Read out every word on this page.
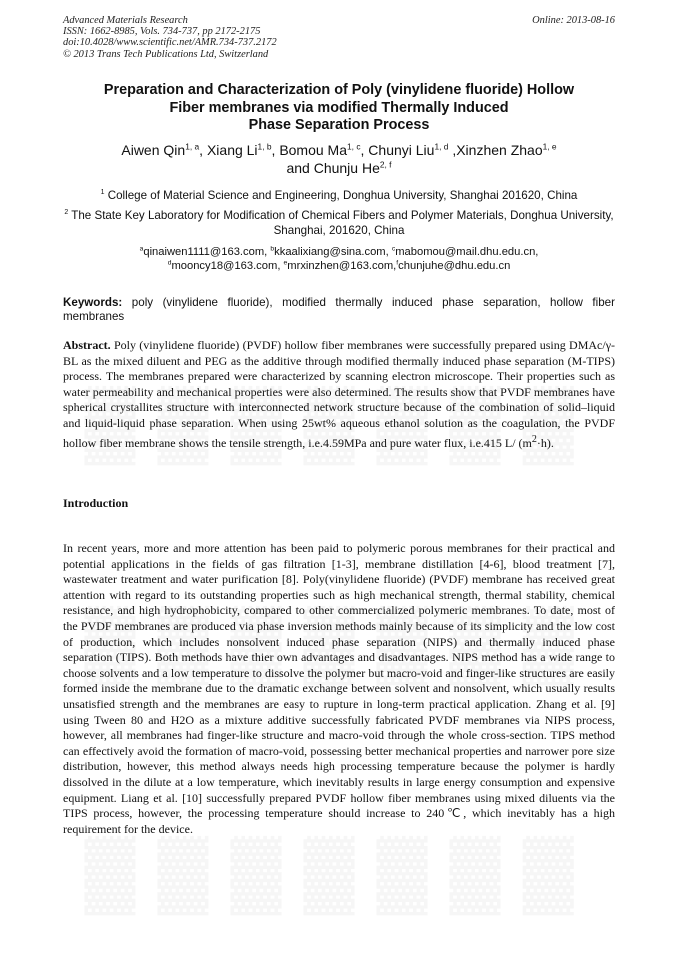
Advanced Materials Research
ISSN: 1662-8985, Vols. 734-737, pp 2172-2175
doi:10.4028/www.scientific.net/AMR.734-737.2172
© 2013 Trans Tech Publications Ltd, Switzerland
Online: 2013-08-16
Preparation and Characterization of Poly (vinylidene fluoride) Hollow
Fiber membranes via modified Thermally Induced
Phase Separation Process
Aiwen Qin$^{1, a}$, Xiang Li$^{1, b}$, Bomou Ma$^{1, c}$, Chunyi Liu$^{1, d}$ ,Xinzhen Zhao$^{1, e}$
and Chunju He$^{2, f}$
$^1$ College of Material Science and Engineering, Donghua University, Shanghai 201620, China
$^2$ The State Key Laboratory for Modification of Chemical Fibers and Polymer Materials, Donghua University, Shanghai, 201620, China
$^a$qinaiwen1111@163.com, $^b$kkaalixiang@sina.com, $^c$mabomou@mail.dhu.edu.cn,
$^d$mooncy18@163.com, $^e$mrxinzhen@163.com,$^f$chunjuhe@dhu.edu.cn
Keywords: poly (vinylidene fluoride), modified thermally induced phase separation, hollow fiber membranes
Abstract. Poly (vinylidene fluoride) (PVDF) hollow fiber membranes were successfully prepared using DMAc/γ-BL as the mixed diluent and PEG as the additive through modified thermally induced phase separation (M-TIPS) process. The membranes prepared were characterized by scanning electron microscope. Their properties such as water permeability and mechanical properties were also determined. The results show that PVDF membranes have spherical crystallites structure with interconnected network structure because of the combination of solid–liquid and liquid-liquid phase separation. When using 25wt% aqueous ethanol solution as the coagulation, the PVDF hollow fiber membrane shows the tensile strength, i.e.4.59MPa and pure water flux, i.e.415 L/ $(m^2\cdot h)$.
Introduction
In recent years, more and more attention has been paid to polymeric porous membranes for their practical and potential applications in the fields of gas filtration [1-3], membrane distillation [4-6], blood treatment [7], wastewater treatment and water purification [8]. Poly(vinylidene fluoride) (PVDF) membrane has received great attention with regard to its outstanding properties such as high mechanical strength, thermal stability, chemical resistance, and high hydrophobicity, compared to other commercialized polymeric membranes. To date, most of the PVDF membranes are produced via phase inversion methods mainly because of its simplicity and the low cost of production, which includes nonsolvent induced phase separation (NIPS) and thermally induced phase separation (TIPS). Both methods have thier own advantages and disadvantages. NIPS method has a wide range to choose solvents and a low temperature to dissolve the polymer but macro-void and finger-like structures are easily formed inside the membrane due to the dramatic exchange between solvent and nonsolvent, which usually results unsatisfied strength and the membranes are easy to rupture in long-term practical application. Zhang et al. [9] using Tween 80 and H2O as a mixture additive successfully fabricated PVDF membranes via NIPS process, however, all membranes had finger-like structure and macro-void through the whole cross-section. TIPS method can effectively avoid the formation of macro-void, possessing better mechanical properties and narrower pore size distribution, however, this method always needs high processing temperature because the polymer is hardly dissolved in the dilute at a low temperature, which inevitably results in large energy consumption and expensive equipment. Liang et al. [10] successfully prepared PVDF hollow fiber membranes using mixed diluents via the TIPS process, however, the processing temperature should increase to 240℃, which inevitably has a high requirement for the device.
